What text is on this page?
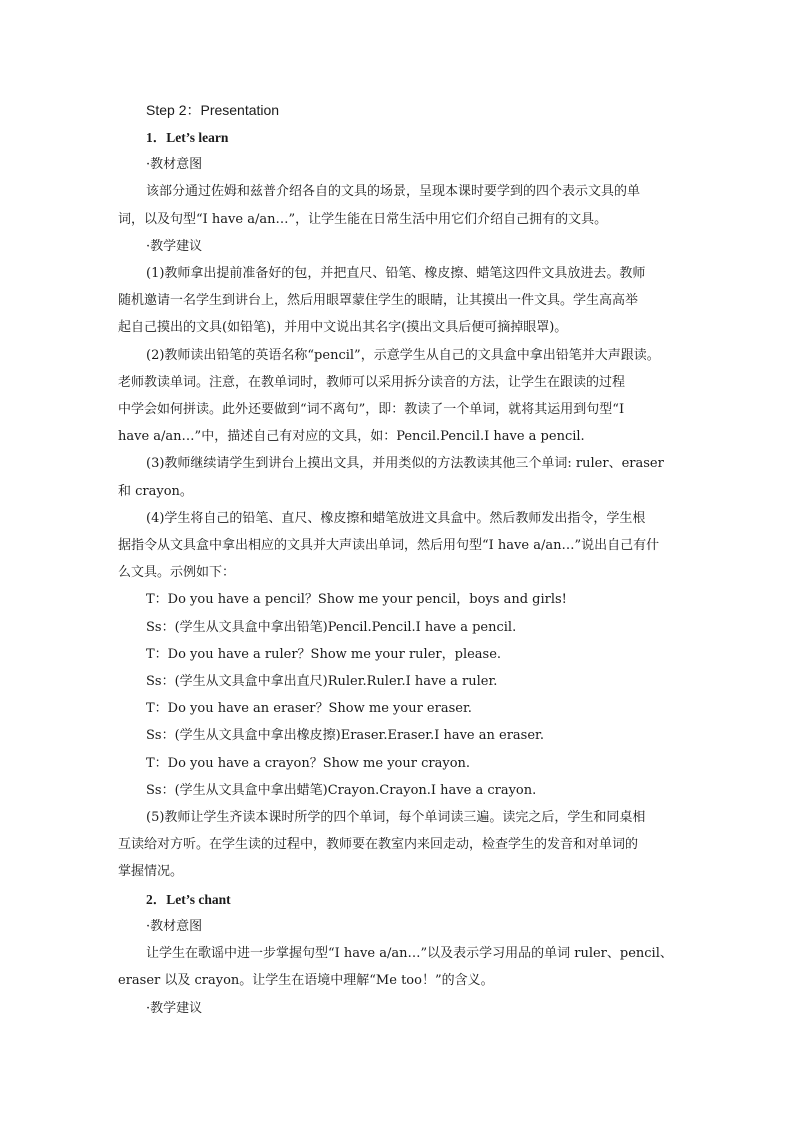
Step 2：Presentation

1．Let’s learn

·教材意图

该部分通过佐姆和兹普介绍各自的文具的场景，呈现本课时要学到的四个表示文具的单

词，以及句型“I have a/an…”，让学生能在日常生活中用它们介绍自己拥有的文具。

·教学建议

(1)教师拿出提前准备好的包，并把直尺、铅笔、橡皮擦、蜡笔这四件文具放进去。教师

随机邀请一名学生到讲台上，然后用眼罩蒙住学生的眼睛，让其摸出一件文具。学生高高举

起自己摸出的文具(如铅笔)，并用中文说出其名字(摸出文具后便可摘掉眼罩)。

(2)教师读出铅笔的英语名称“pencil”，示意学生从自己的文具盒中拿出铅笔并大声跟读。

老师教读单词。注意，在教单词时，教师可以采用拆分读音的方法，让学生在跟读的过程

中学会如何拼读。此外还要做到“词不离句”，即：教读了一个单词，就将其运用到句型“I

have a/an…”中，描述自己有对应的文具，如：Pencil.Pencil.I have a pencil.

(3)教师继续请学生到讲台上摸出文具，并用类似的方法教读其他三个单词: ruler、eraser

和 crayon。

(4)学生将自己的铅笔、直尺、橡皮擦和蜡笔放进文具盒中。然后教师发出指令，学生根

据指令从文具盒中拿出相应的文具并大声读出单词，然后用句型“I have a/an…”说出自己有什

么文具。示例如下：

T：Do you have a pencil？Show me your pencil，boys and girls!

Ss：(学生从文具盒中拿出铅笔)Pencil.Pencil.I have a pencil.

T：Do you have a ruler？Show me your ruler，please.

Ss：(学生从文具盒中拿出直尺)Ruler.Ruler.I have a ruler.

T：Do you have an eraser？Show me your eraser.

Ss：(学生从文具盒中拿出橡皮擦)Eraser.Eraser.I have an eraser.

T：Do you have a crayon？Show me your crayon.

Ss：(学生从文具盒中拿出蜡笔)Crayon.Crayon.I have a crayon.

(5)教师让学生齐读本课时所学的四个单词，每个单词读三遍。读完之后，学生和同桌相

互读给对方听。在学生读的过程中，教师要在教室内来回走动，检查学生的发音和对单词的

掌握情况。

2．Let’s chant

·教材意图

让学生在歌谣中进一步掌握句型“I have a/an…”以及表示学习用品的单词 ruler、pencil、

eraser 以及 crayon。让学生在语境中理解“Me too！”的含义。

·教学建议
